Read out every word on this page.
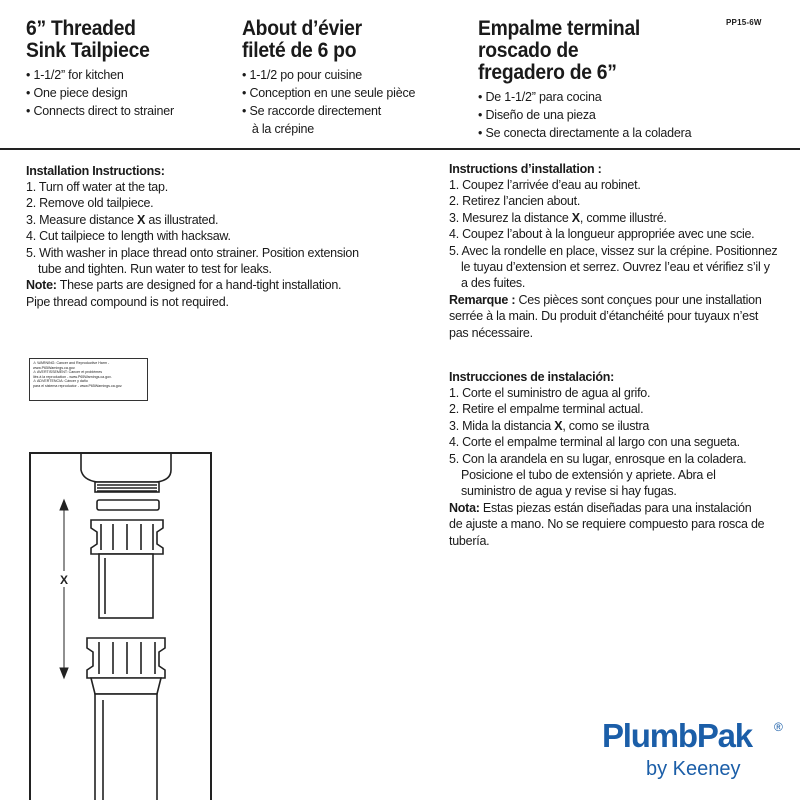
6” Threaded
Sink Tailpiece
• 1-1/2” for kitchen
• One piece design
• Connects direct to strainer
About d’évier
fileté de 6 po
• 1-1/2 po pour cuisine
• Conception en une seule pièce
• Se raccorde directement
à la crépine
Empalme terminal
roscado de
fregadero de 6”
• De 1-1/2” para cocina
• Diseño de una pieza
• Se conecta directamente a la coladera
PP15-6W
Installation Instructions:

1. Turn off water at the tap.

2. Remove old tailpiece.

3. Measure distance X as illustrated.

4. Cut tailpiece to length with hacksaw.

5. With washer in place thread onto strainer. Position extension

tube and tighten. Run water to test for leaks.

Note: These parts are designed for a hand-tight installation.

Pipe thread compound is not required.

Instructions d’installation :

1. Coupez l’arrivée d’eau au robinet.

2. Retirez l’ancien about.

3. Mesurez la distance X, comme illustré.

4. Coupez l’about à la longueur appropriée avec une scie.

5. Avec la rondelle en place, vissez sur la crépine. Positionnez

le tuyau d’extension et serrez. Ouvrez l’eau et vérifiez s’il y

a des fuites.

Remarque : Ces pièces sont conçues pour une installation

serrée à la main. Du produit d’étanchéité pour tuyaux n’est

pas nécessaire.

Instrucciones de instalación:

1. Corte el suministro de agua al grifo.

2. Retire el empalme terminal actual.

3. Mida la distancia X, como se ilustra

4. Corte el empalme terminal al largo con una segueta.

5. Con la arandela en su lugar, enrosque en la coladera.

Posicione el tubo de extensión y apriete. Abra el

suministro de agua y revise si hay fugas.

Nota: Estas piezas están diseñadas para una instalación

de ajuste a mano. No se requiere compuesto para rosca de

tubería.

⚠ WARNING: Cancer and Reproductive Harm -

www.P65Warnings.ca.gov.

⚠ AVERTISSEMENT: Cancer et problèmes

liés à la reproduction - www.P65Warnings.ca.gov.

⚠ ADVERTENCIA: Cáncer y daño

para el sistema reproductor - www.P65Warnings.ca.gov.

X
PlumbPak ®
by Keeney
